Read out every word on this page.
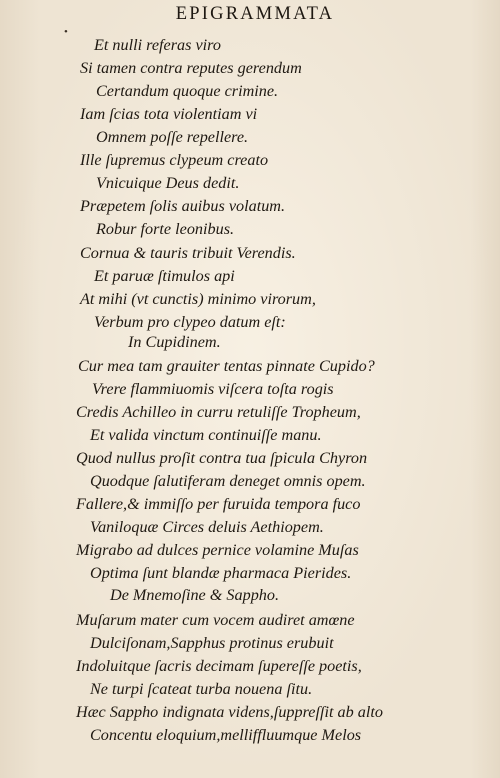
EPIGRAMMATA
•
Et nulli referas viro
Si tamen contra reputes gerendum
Certandum quoque crimine.
Iam ſcias tota violentiam vi
Omnem poſſe repellere.
Ille ſupremus clypeum creato
Vnicuique Deus dedit.
Præpetem ſolis auibus volatum.
Robur forte leonibus.
Cornua & tauris tribuit Verendis.
Et paruæ ſtimulos api
At mihi (vt cunctis) minimo virorum,
Verbum pro clypeo datum eſt:
In Cupidinem.
Cur mea tam grauiter tentas pinnate Cupido?
Vrere flammiuomis viſcera toſta rogis
Credis Achilleo in curru retuliſſe Tropheum,
Et valida vinctum continuiſſe manu.
Quod nullus proſit contra tua ſpicula Chyron
Quodque ſalutiferam deneget omnis opem.
Fallere,& immiſſo per furuida tempora fuco
Vaniloquæ Circes deluis Aethiopem.
Migrabo ad dulces pernice volamine Muſas
Optima ſunt blandæ pharmaca Pierides.
De Mnemoſine & Sappho.
Muſarum mater cum vocem audiret amœne
Dulciſonam,Sapphus protinus erubuit
Indoluitque ſacris decimam ſupereſſe poetis,
Ne turpi ſcateat turba nouena ſitu.
Hæc Sappho indignata videns,ſuppreſſit ab alto
Concentu eloquium,melliffluumque Melos
